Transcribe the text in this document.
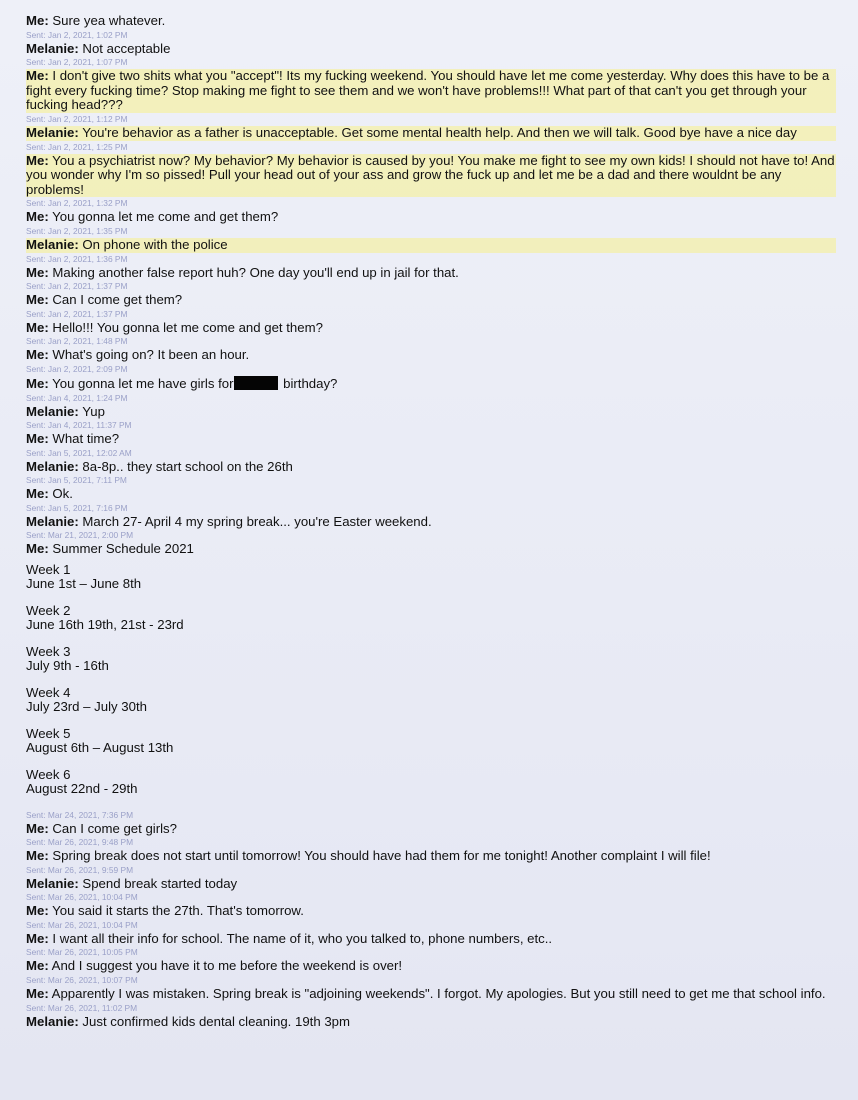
Me: Sure yea whatever.
Sent: Jan 2, 2021, 1:02 PM
Melanie: Not acceptable
Sent: Jan 2, 2021, 1:07 PM
Me: I don't give two shits what you "accept"! Its my fucking weekend. You should have let me come yesterday. Why does this have to be a fight every fucking time? Stop making me fight to see them and we won't have problems!!! What part of that can't you get through your fucking head???
Sent: Jan 2, 2021, 1:12 PM
Melanie: You're behavior as a father is unacceptable. Get some mental health help. And then we will talk. Good bye have a nice day
Sent: Jan 2, 2021, 1:25 PM
Me: You a psychiatrist now? My behavior? My behavior is caused by you! You make me fight to see my own kids! I should not have to! And you wonder why I'm so pissed! Pull your head out of your ass and grow the fuck up and let me be a dad and there wouldnt be any problems!
Sent: Jan 2, 2021, 1:32 PM
Me: You gonna let me come and get them?
Sent: Jan 2, 2021, 1:35 PM
Melanie: On phone with the police
Sent: Jan 2, 2021, 1:36 PM
Me: Making another false report huh? One day you'll end up in jail for that.
Sent: Jan 2, 2021, 1:37 PM
Me: Can I come get them?
Sent: Jan 2, 2021, 1:37 PM
Me: Hello!!! You gonna let me come and get them?
Sent: Jan 2, 2021, 1:48 PM
Me: What's going on? It been an hour.
Sent: Jan 2, 2021, 2:09 PM
Me: You gonna let me have girls for	birthday?
Sent: Jan 4, 2021, 1:24 PM
Melanie: Yup
Sent: Jan 4, 2021, 11:37 PM
Me: What time?
Sent: Jan 5, 2021, 12:02 AM
Melanie: 8a-8p.. they start school on the 26th
Sent: Jan 5, 2021, 7:11 PM
Me: Ok.
Sent: Jan 5, 2021, 7:16 PM
Melanie: March 27- April 4 my spring break... you're Easter weekend.
Sent: Mar 21, 2021, 2:00 PM
Me: Summer Schedule 2021
Week 1
June 1st – June 8th
Week 2
June 16th 19th, 21st - 23rd
Week 3
July 9th - 16th
Week 4
July 23rd – July 30th
Week 5
August 6th – August 13th
Week 6
August 22nd - 29th
Sent: Mar 24, 2021, 7:36 PM
Me: Can I come get girls?
Sent: Mar 26, 2021, 9:48 PM
Me: Spring break does not start until tomorrow! You should have had them for me tonight! Another complaint I will file!
Sent: Mar 26, 2021, 9:59 PM
Melanie: Spend break started today
Sent: Mar 26, 2021, 10:04 PM
Me: You said it starts the 27th. That's tomorrow.
Sent: Mar 26, 2021, 10:04 PM
Me: I want all their info for school. The name of it, who you talked to, phone numbers, etc..
Sent: Mar 26, 2021, 10:05 PM
Me: And I suggest you have it to me before the weekend is over!
Sent: Mar 26, 2021, 10:07 PM
Me: Apparently I was mistaken. Spring break is "adjoining weekends". I forgot. My apologies. But you still need to get me that school info.
Sent: Mar 26, 2021, 11:02 PM
Melanie: Just confirmed kids dental cleaning. 19th 3pm
